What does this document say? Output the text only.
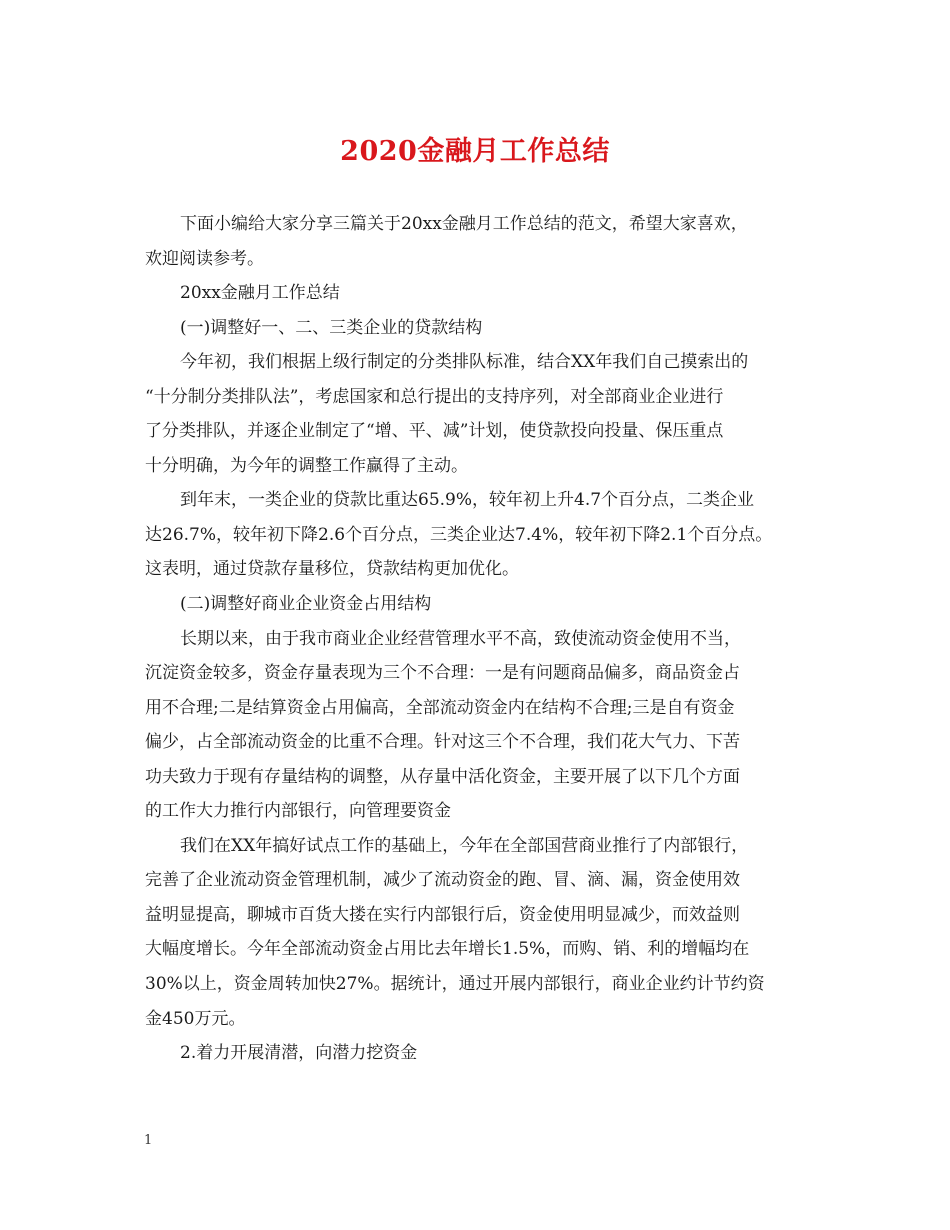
2020金融月工作总结

下面小编给大家分享三篇关于20xx金融月工作总结的范文，希望大家喜欢，
欢迎阅读参考。

20xx金融月工作总结

(一)调整好一、二、三类企业的贷款结构

今年初，我们根据上级行制定的分类排队标准，结合XX年我们自己摸索出的
“十分制分类排队法”，考虑国家和总行提出的支持序列，对全部商业企业进行
了分类排队，并逐企业制定了“增、平、减”计划，使贷款投向投量、保压重点
十分明确，为今年的调整工作赢得了主动。

到年末，一类企业的贷款比重达65.9%，较年初上升4.7个百分点，二类企业
达26.7%，较年初下降2.6个百分点，三类企业达7.4%，较年初下降2.1个百分点。
这表明，通过贷款存量移位，贷款结构更加优化。

(二)调整好商业企业资金占用结构

长期以来，由于我市商业企业经营管理水平不高，致使流动资金使用不当，
沉淀资金较多，资金存量表现为三个不合理：一是有问题商品偏多，商品资金占
用不合理;二是结算资金占用偏高，全部流动资金内在结构不合理;三是自有资金
偏少，占全部流动资金的比重不合理。针对这三个不合理，我们花大气力、下苦
功夫致力于现有存量结构的调整，从存量中活化资金，主要开展了以下几个方面
的工作大力推行内部银行，向管理要资金

我们在XX年搞好试点工作的基础上，今年在全部国营商业推行了内部银行，
完善了企业流动资金管理机制，减少了流动资金的跑、冒、滴、漏，资金使用效
益明显提高，聊城市百货大搂在实行内部银行后，资金使用明显减少，而效益则
大幅度增长。今年全部流动资金占用比去年增长1.5%，而购、销、利的增幅均在
30%以上，资金周转加快27%。据统计，通过开展内部银行，商业企业约计节约资
金450万元。

2.着力开展清潜，向潜力挖资金

1
